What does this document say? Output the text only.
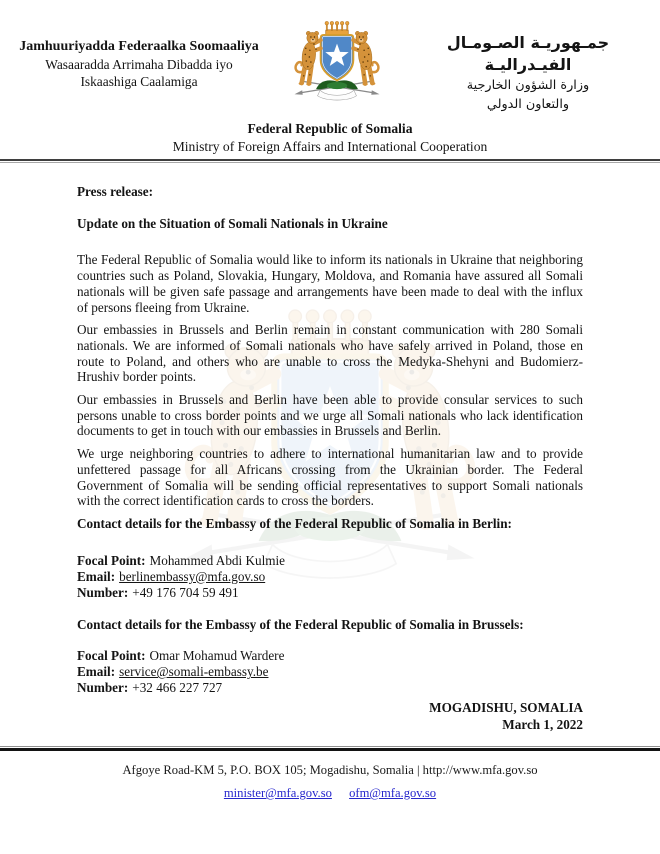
Jamhuuriyadda Federaalka Soomaaliya
Wasaaradda Arrimaha Dibadda iyo
Iskaashiga Caalamiga
جمـهوريـة الصـومـال الفيـدراليـة
وزارة الشؤون الخارجية
والتعاون الدولي
Federal Republic of Somalia
Ministry of Foreign Affairs and International Cooperation
Press release:
Update on the Situation of Somali Nationals in Ukraine

The Federal Republic of Somalia would like to inform its nationals in Ukraine that neighboring countries such as Poland, Slovakia, Hungary, Moldova, and Romania have assured all Somali nationals will be given safe passage and arrangements have been made to deal with the influx of persons fleeing from Ukraine.

Our embassies in Brussels and Berlin remain in constant communication with 280 Somali nationals. We are informed of Somali nationals who have safely arrived in Poland, those en route to Poland, and others who are unable to cross the Medyka-Shehyni and Budomierz-Hrushiv border points.

Our embassies in Brussels and Berlin have been able to provide consular services to such persons unable to cross border points and we urge all Somali nationals who lack identification documents to get in touch with our embassies in Brussels and Berlin.

We urge neighboring countries to adhere to international humanitarian law and to provide unfettered passage for all Africans crossing from the Ukrainian border. The Federal Government of Somalia will be sending official representatives to support Somali nationals with the correct identification cards to cross the borders.

Contact details for the Embassy of the Federal Republic of Somalia in Berlin:
Focal Point: Mohammed Abdi Kulmie
Email: berlinembassy@mfa.gov.so
Number: +49 176 704 59 491
Contact details for the Embassy of the Federal Republic of Somalia in Brussels:
Focal Point: Omar Mohamud Wardere
Email: service@somali-embassy.be
Number: +32 466 227 727
MOGADISHU, SOMALIA
March 1, 2022
Afgoye Road-KM 5, P.O. BOX 105; Mogadishu, Somalia | http://www.mfa.gov.so
minister@mfa.gov.so ofm@mfa.gov.so
